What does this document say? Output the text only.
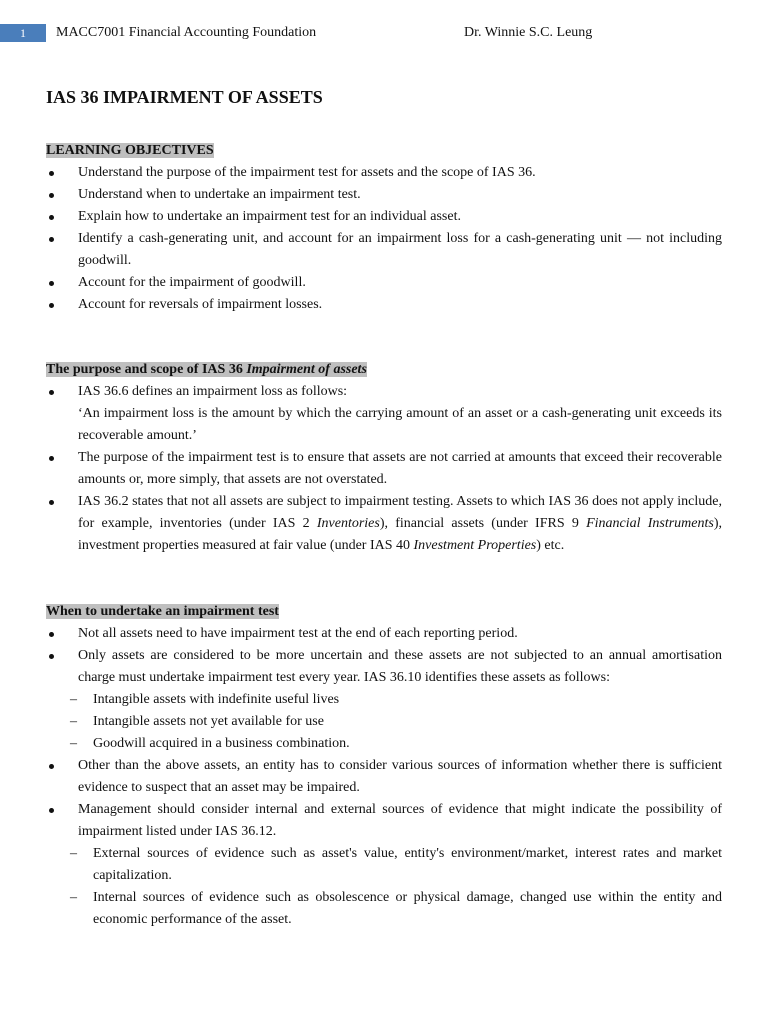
1	MACC7001 Financial Accounting Foundation	Dr. Winnie S.C. Leung
IAS 36 IMPAIRMENT OF ASSETS

LEARNING OBJECTIVES

Understand the purpose of the impairment test for assets and the scope of IAS 36.
Understand when to undertake an impairment test.
Explain how to undertake an impairment test for an individual asset.
Identify a cash-generating unit, and account for an impairment loss for a cash-generating unit — not including goodwill.
Account for the impairment of goodwill.
Account for reversals of impairment losses.

The purpose and scope of IAS 36 Impairment of assets

IAS 36.6 defines an impairment loss as follows:
‘An impairment loss is the amount by which the carrying amount of an asset or a cash-generating unit exceeds its recoverable amount.’
The purpose of the impairment test is to ensure that assets are not carried at amounts that exceed their recoverable amounts or, more simply, that assets are not overstated.
IAS 36.2 states that not all assets are subject to impairment testing. Assets to which IAS 36 does not apply include, for example, inventories (under IAS 2 Inventories), financial assets (under IFRS 9 Financial Instruments), investment properties measured at fair value (under IAS 40 Investment Properties) etc.

When to undertake an impairment test

Not all assets need to have impairment test at the end of each reporting period.
Only assets are considered to be more uncertain and these assets are not subjected to an annual amortisation charge must undertake impairment test every year. IAS 36.10 identifies these assets as follows:
– Intangible assets with indefinite useful lives
– Intangible assets not yet available for use
– Goodwill acquired in a business combination.
Other than the above assets, an entity has to consider various sources of information whether there is sufficient evidence to suspect that an asset may be impaired.
Management should consider internal and external sources of evidence that might indicate the possibility of impairment listed under IAS 36.12.
– External sources of evidence such as asset's value, entity's environment/market, interest rates and market capitalization.
– Internal sources of evidence such as obsolescence or physical damage, changed use within the entity and economic performance of the asset.
